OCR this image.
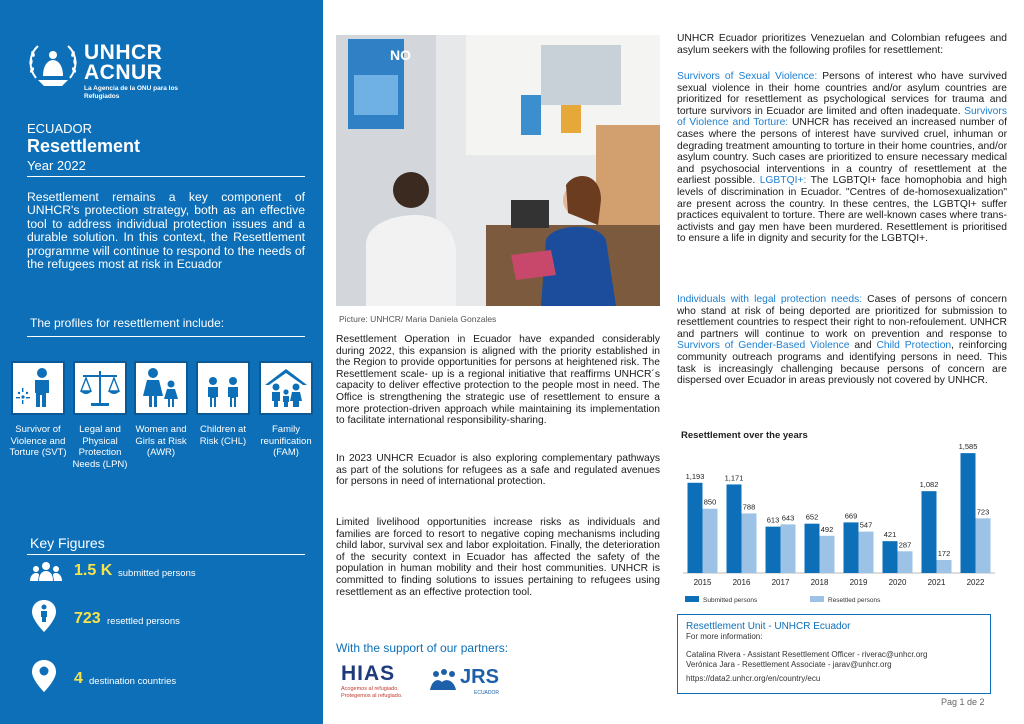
UNHCR
ACNUR
La Agencia de la ONU para los Refugiados
ECUADOR
Resettlement
Year 2022
Resettlement remains a key component of UNHCR's protection strategy, both as an effective tool to address individual protection issues and a durable solution. In this context, the Resettlement programme will continue to respond to the needs of the refugees most at risk in Ecuador
The profiles for resettlement include:
Survivor of Violence and Torture (SVT)
Legal and Physical Protection Needs (LPN)
Women and Girls at Risk (AWR)
Children at Risk (CHL)
Family reunification (FAM)
Key Figures
1.5 K submitted persons
723 resettled persons
4 destination countries
NO
Picture: UNHCR/ Maria Daniela Gonzales
Resettlement Operation in Ecuador have expanded considerably during 2022, this expansion is aligned with the priority established in the Region to provide opportunities for persons at heightened risk. The Resettlement scale- up is a regional initiative that reaffirms UNHCR´s capacity to deliver effective protection to the people most in need. The Office is strengthening the strategic use of resettlement to ensure a more protection-driven approach while maintaining its implementation to facilitate international responsibility-sharing.
In 2023 UNHCR Ecuador is also exploring complementary pathways as part of the solutions for refugees as a safe and regulated avenues for persons in need of international protection.
Limited livelihood opportunities increase risks as individuals and families are forced to resort to negative coping mechanisms including child labor, survival sex and labor exploitation. Finally, the deterioration of the security context in Ecuador has affected the safety of the population in human mobility and their host communities. UNHCR is committed to finding solutions to issues pertaining to refugees using resettlement as an effective protection tool.
With the support of our partners:
HIAS
Acogemos al refugiado. Protegemos al refugiado.
JRS
ECUADOR
UNHCR Ecuador prioritizes Venezuelan and Colombian refugees and asylum seekers with the following profiles for resettlement:
Survivors of Sexual Violence: Persons of interest who have survived sexual violence in their home countries and/or asylum countries are prioritized for resettlement as psychological services for trauma and torture survivors in Ecuador are limited and often inadequate. Survivors of Violence and Torture: UNHCR has received an increased number of cases where the persons of interest have survived cruel, inhuman or degrading treatment amounting to torture in their home countries, and/or asylum country. Such cases are prioritized to ensure necessary medical and psychosocial interventions in a country of resettlement at the earliest possible. LGBTQI+: The LGBTQI+ face homophobia and high levels of discrimination in Ecuador. "Centres of de-homosexualization" are present across the country. In these centres, the LGBTQI+ suffer practices equivalent to torture. There are well-known cases where trans-activists and gay men have been murdered. Resettlement is prioritised to ensure a life in dignity and security for the LGBTQI+.
Individuals with legal protection needs: Cases of persons of concern who stand at risk of being deported are prioritized for submission to resettlement countries to respect their right to non-refoulement. UNHCR and partners will continue to work on prevention and response to Survivors of Gender-Based Violence and Child Protection, reinforcing community outreach programs and identifying persons in need. This task is increasingly challenging because persons of concern are dispersed over Ecuador in areas previously not covered by UNHCR.
Resettlement over the years
1,193
850
2015
1,171
788
2016
613 643
2017
652
492
2018
669
547
2019
421
287
2020
1,082
172
2021
1,585
723
2022
Submitted persons	Resettled persons
Resettlement Unit - UNHCR Ecuador
For more information:
Catalina Rivera - Assistant Resettlement Officer - riverac@unhcr.org
Verónica Jara - Resettlement Associate - jarav@unhcr.org
https://data2.unhcr.org/en/country/ecu
Pag 1 de 2
